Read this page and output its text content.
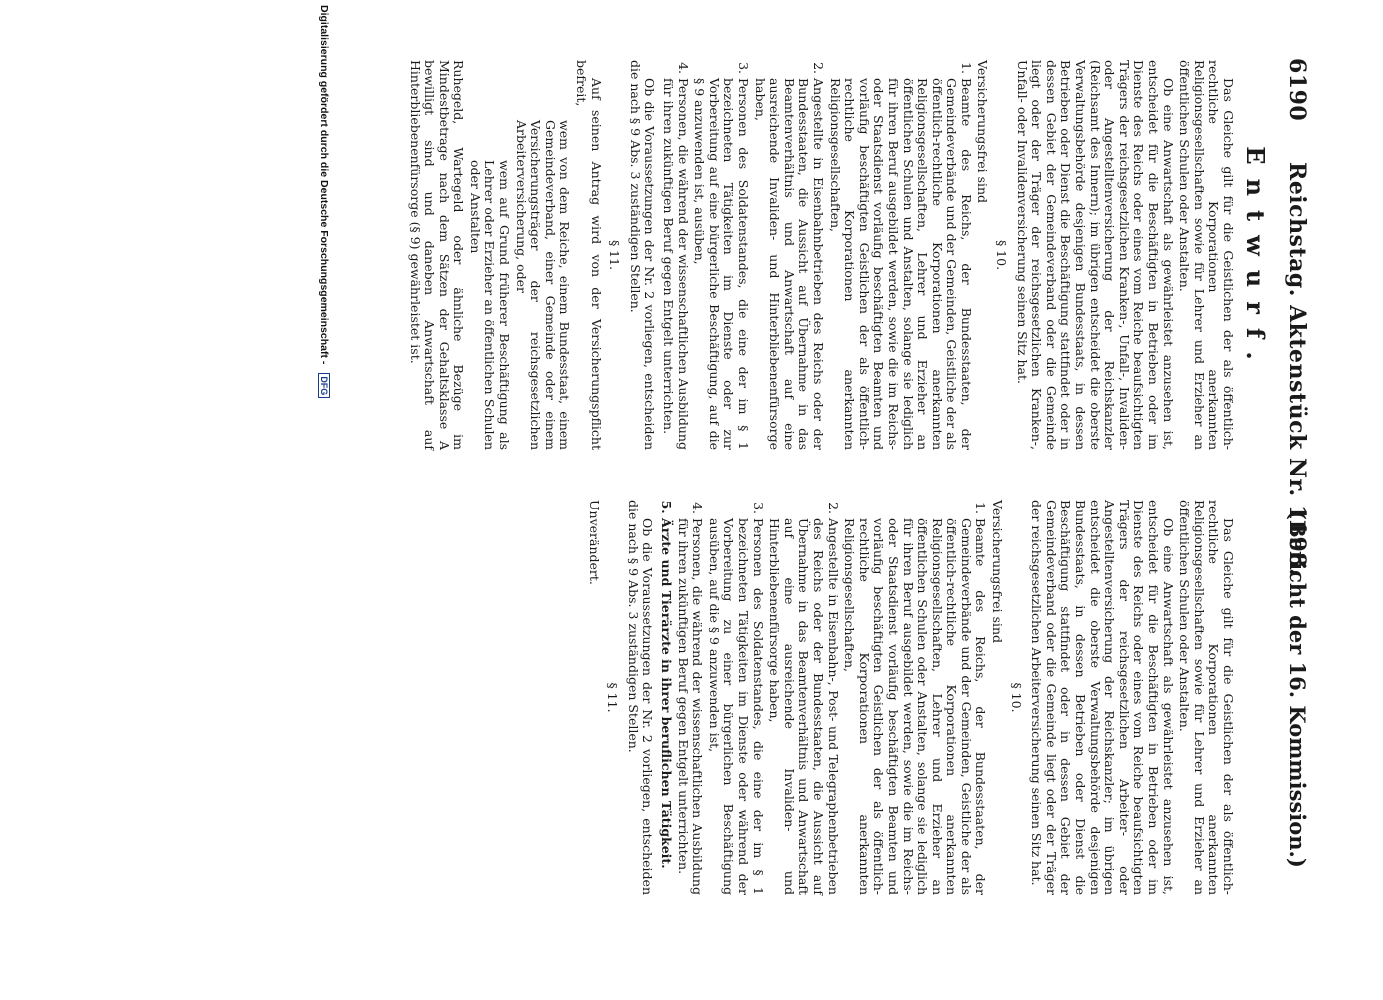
6190     Reichstag. Aktenstück Nr. 1198.
(Bericht der 16. Kommission.)
Entwurf.

Das Gleiche gilt für die Geistlichen der als öffentlich-rechtliche Korporationen anerkannten Religionsgesellschaften sowie für Lehrer und Erzieher an öffentlichen Schulen oder Anstalten.

Ob eine Anwartschaft als gewährleistet anzusehen ist, entscheidet für die Beschäftigten in Betrieben oder im Dienste des Reichs oder eines vom Reiche beaufsichtigten Trägers der reichsgesetzlichen Kranken-, Unfall-, Invaliden- oder Angestelltenversicherung der Reichskanzler (Reichsamt des Innern); im übrigen entscheidet die oberste Verwaltungsbehörde desjenigen Bundesstaats, in dessen Betrieben oder Dienst die Beschäftigung stattfindet oder in dessen Gebiet der Gemeindeverband oder die Gemeinde liegt oder der Träger der reichsgesetzlichen Kranken-, Unfall- oder Invalidenversicherung seinen Sitz hat.

§ 10.

Versicherungsfrei sind

1. Beamte des Reichs, der Bundesstaaten, der Gemeindeverbände und der Gemeinden, Geistliche der als öffentlich-rechtliche Korporationen anerkannten Religionsgesellschaften, Lehrer und Erzieher an öffentlichen Schulen und Anstalten, solange sie lediglich für ihren Beruf ausgebildet werden, sowie die im Reichs- oder Staatsdienst vorläufig beschäftigten Beamten und vorläufig beschäftigten Geistlichen der als öffentlich-rechtliche Korporationen anerkannten Religionsgesellschaften,
2. Angestellte in Eisenbahnbetrieben des Reichs oder der Bundesstaaten, die Aussicht auf Übernahme in das Beamtenverhältnis und Anwartschaft auf eine ausreichende Invaliden- und Hinterbliebenenfürsorge haben,
3. Personen des Soldatenstandes, die eine der im § 1 bezeichneten Tätigkeiten im Dienste oder zur Vorbereitung auf eine bürgerliche Beschäftigung, auf die § 9 anzuwenden ist, ausüben,
4. Personen, die während der wissenschaftlichen Ausbildung für ihren zukünftigen Beruf gegen Entgelt unterrichten.

Ob die Voraussetzungen der Nr. 2 vorliegen, entscheiden die nach § 9 Abs. 3 zuständigen Stellen.

§ 11.

Auf seinen Antrag wird von der Versicherungspflicht befreit,

wem von dem Reiche, einem Bundesstaat, einem Gemeindeverband, einer Gemeinde oder einem Versicherungsträger der reichsgesetzlichen Arbeiterversicherung, oder

wem auf Grund früherer Beschäftigung als Lehrer oder Erzieher an öffentlichen Schulen oder Anstalten

Ruhegeld, Wartegeld oder ähnliche Bezüge im Mindestbetrage nach dem Sätzen der Gehaltsklasse A bewilligt sind und daneben Anwartschaft auf Hinterbliebenenfürsorge (§ 9) gewährleistet ist.

Das Gleiche gilt für die Geistlichen der als öffentlich-rechtliche Korporationen anerkannten Religionsgesellschaften sowie für Lehrer und Erzieher an öffentlichen Schulen oder Anstalten.

Ob eine Anwartschaft als gewährleistet anzusehen ist, entscheidet für die Beschäftigten in Betrieben oder im Dienste des Reichs oder eines vom Reiche beaufsichtigten Trägers der reichsgesetzlichen Arbeiter- oder Angestelltenversicherung der Reichskanzler; im übrigen entscheidet die oberste Verwaltungsbehörde desjenigen Bundesstaats, in dessen Betrieben oder Dienst die Beschäftigung stattfindet oder in dessen Gebiet der Gemeindeverband oder die Gemeinde liegt oder der Träger der reichsgesetzlichen Arbeiterversicherung seinen Sitz hat.

§ 10.

Versicherungsfrei sind

1. Beamte des Reichs, der Bundesstaaten, der Gemeindeverbände und der Gemeinden, Geistliche der als öffentlich-rechtliche Korporationen anerkannten Religionsgesellschaften, Lehrer und Erzieher an öffentlichen Schulen oder Anstalten, solange sie lediglich für ihren Beruf ausgebildet werden, sowie die im Reichs- oder Staatsdienst vorläufig beschäftigten Beamten und vorläufig beschäftigten Geistlichen der als öffentlich-rechtliche Korporationen anerkannten Religionsgesellschaften,
2. Angestellte in Eisenbahn-, Post- und Telegraphenbetrieben des Reichs oder der Bundesstaaten, die Aussicht auf Übernahme in das Beamtenverhältnis und Anwartschaft auf eine ausreichende Invaliden- und Hinterbliebenenfürsorge haben,
3. Personen des Soldatenstandes, die eine der im § 1 bezeichneten Tätigkeiten im Dienste oder während der Vorbereitung zu einer bürgerlichen Beschäftigung ausüben, auf die § 9 anzuwenden ist,
4. Personen, die während der wissenschaftlichen Ausbildung für ihren zukünftigen Beruf gegen Entgelt unterrichten.
5. Ärzte und Tierärzte in ihrer beruflichen Tätigkeit.

Ob die Voraussetzungen der Nr. 2 vorliegen, entscheiden die nach § 9 Abs. 3 zuständigen Stellen.

§ 11.

Unverändert.

Digitalisierung gefördert durch die Deutsche Forschungsgemeinschaft - DFG
